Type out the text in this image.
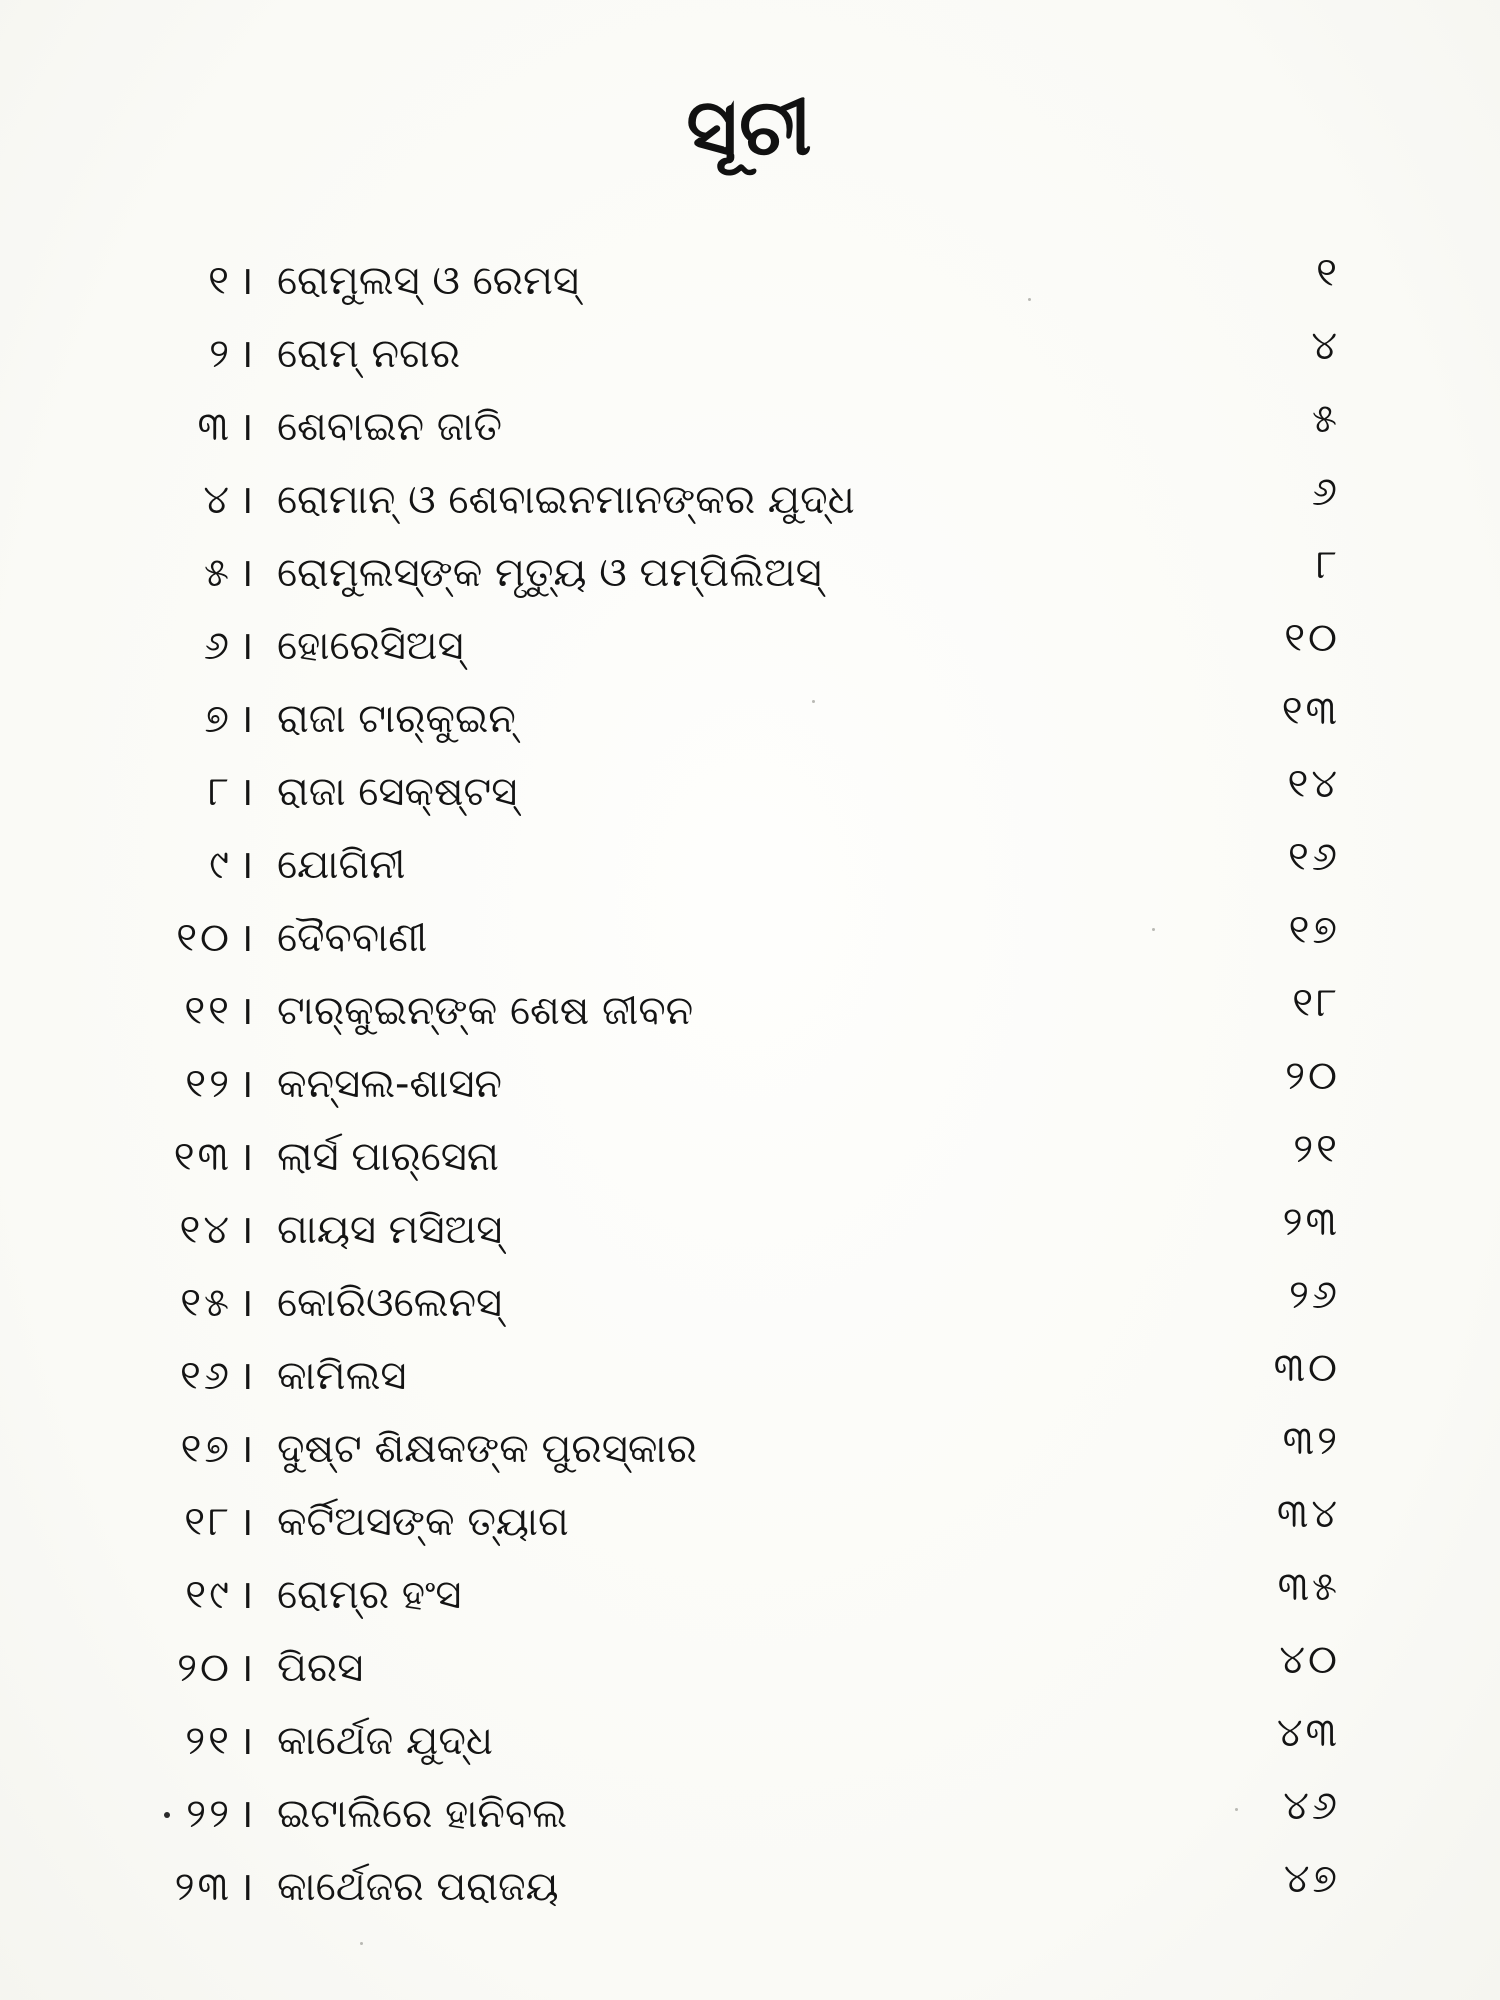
ସୂଚୀ
୧ । ରୋମୁଲସ୍ ଓ ରେମସ୍	୧
୨ । ରୋମ୍ ନଗର	୪
୩ । ଶେବାଇନ ଜାତି	୫
୪ । ରୋମାନ୍ ଓ ଶେବାଇନମାନଙ୍କର ଯୁଦ୍ଧ	୬
୫ । ରୋମୁଲସ୍‌ଙ୍କ ମୃତ୍ୟୁ ଓ ପମ୍ପିଲିଅସ୍	୮
୬ । ହୋରେସିଅସ୍	୧୦
୭ । ରାଜା ଟାର୍‌କୁଇନ୍	୧୩
୮ । ରାଜା ସେକ୍‌ଷ୍ଟସ୍	୧୪
୯ । ଯୋଗିନୀ	୧୬
୧୦ । ଦୈବବାଣୀ	୧୭
୧୧ । ଟାର୍‌କୁଇନ୍‌ଙ୍କ ଶେଷ ଜୀବନ	୧୮
୧୨ । କନ୍‌ସଲ-ଶାସନ	୨୦
୧୩ । ଲାର୍ସ ପାର୍‌ସେନା	୨୧
୧୪ । ଗାୟସ ମସିଅସ୍	୨୩
୧୫ । କୋରିଓଲେନସ୍	୨୬
୧୬ । କାମିଲସ	୩୦
୧୭ । ଦୁଷ୍ଟ ଶିକ୍ଷକଙ୍କ ପୁରସ୍କାର	୩୨
୧୮ । କର୍ଟିଅସଙ୍କ ତ୍ୟାଗ	୩୪
୧୯ । ରୋମ୍‌ର ହଂସ	୩୫
୨୦ । ପିରସ	୪୦
୨୧ । କାର୍ଥେଜ ଯୁଦ୍ଧ	୪୩
୨୨ । ଇଟାଲିରେ ହାନିବଲ	୪୬
୨୩ । କାର୍ଥେଜର ପରାଜୟ	୪୭
